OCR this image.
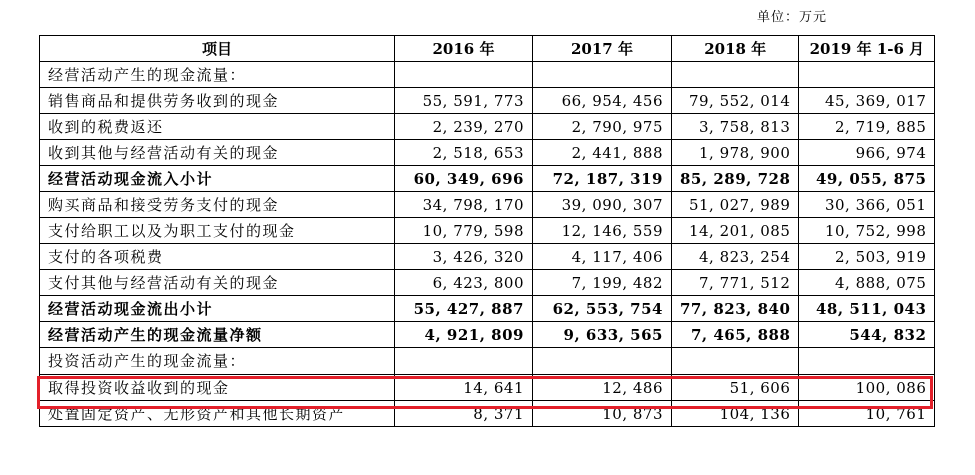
单位：万元
项目	2016 年	2017 年	2018 年	2019 年 1-6 月
经营活动产生的现金流量：				
销售商品和提供劳务收到的现金	55, 591, 773	66, 954, 456	79, 552, 014	45, 369, 017
收到的税费返还	2, 239, 270	2, 790, 975	3, 758, 813	2, 719, 885
收到其他与经营活动有关的现金	2, 518, 653	2, 441, 888	1, 978, 900	966, 974
经营活动现金流入小计	60, 349, 696	72, 187, 319	85, 289, 728	49, 055, 875
购买商品和接受劳务支付的现金	34, 798, 170	39, 090, 307	51, 027, 989	30, 366, 051
支付给职工以及为职工支付的现金	10, 779, 598	12, 146, 559	14, 201, 085	10, 752, 998
支付的各项税费	3, 426, 320	4, 117, 406	4, 823, 254	2, 503, 919
支付其他与经营活动有关的现金	6, 423, 800	7, 199, 482	7, 771, 512	4, 888, 075
经营活动现金流出小计	55, 427, 887	62, 553, 754	77, 823, 840	48, 511, 043
经营活动产生的现金流量净额	4, 921, 809	9, 633, 565	7, 465, 888	544, 832
投资活动产生的现金流量：				
取得投资收益收到的现金	14, 641	12, 486	51, 606	100, 086
处置固定资产、无形资产和其他长期资产	8, 371	10, 873	104, 136	10, 761
